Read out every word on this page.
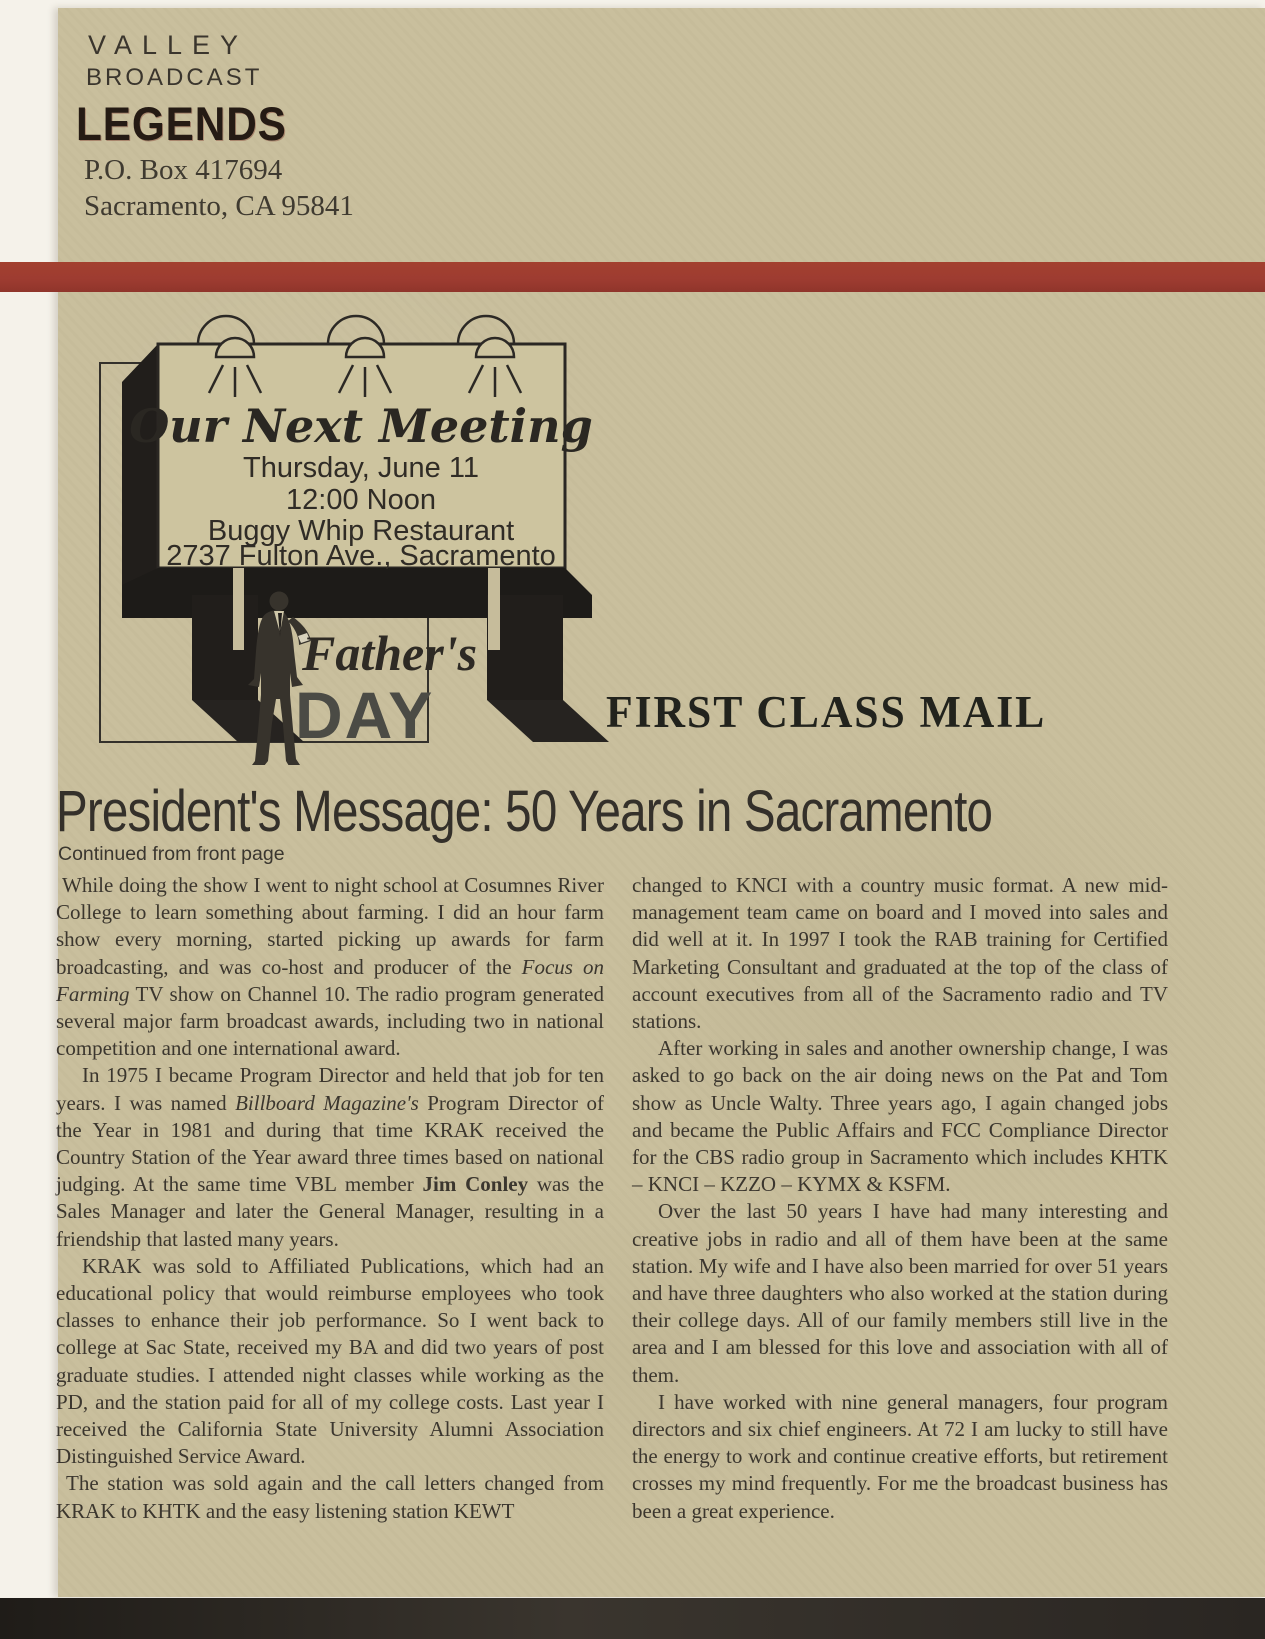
VALLEY
BROADCAST
LEGENDS
P.O. Box 417694
Sacramento, CA 95841
Our Next Meeting
Thursday, June 11
12:00 Noon
Buggy Whip Restaurant
2737 Fulton Ave., Sacramento
Father's
DAY	FIRST CLASS MAIL
President's Message: 50 Years in Sacramento
Continued from front page

While doing the show I went to night school at Cosumnes River College to learn something about farming. I did an hour farm show every morning, started picking up awards for farm broadcasting, and was co-host and producer of the Focus on Farming TV show on Channel 10. The radio program generated several major farm broadcast awards, including two in national competition and one international award.

In 1975 I became Program Director and held that job for ten years. I was named Billboard Magazine's Program Director of the Year in 1981 and during that time KRAK received the Country Station of the Year award three times based on national judging. At the same time VBL member Jim Conley was the Sales Manager and later the General Manager, resulting in a friendship that lasted many years.

KRAK was sold to Affiliated Publications, which had an educational policy that would reimburse employees who took classes to enhance their job performance. So I went back to college at Sac State, received my BA and did two years of post graduate studies. I attended night classes while working as the PD, and the station paid for all of my college costs. Last year I received the California State University Alumni Association Distinguished Service Award.

The station was sold again and the call letters changed from KRAK to KHTK and the easy listening station KEWT

changed to KNCI with a country music format. A new mid-management team came on board and I moved into sales and did well at it. In 1997 I took the RAB training for Certified Marketing Consultant and graduated at the top of the class of account executives from all of the Sacramento radio and TV stations.

After working in sales and another ownership change, I was asked to go back on the air doing news on the Pat and Tom show as Uncle Walty. Three years ago, I again changed jobs and became the Public Affairs and FCC Compliance Director for the CBS radio group in Sacramento which includes KHTK – KNCI – KZZO – KYMX & KSFM.

Over the last 50 years I have had many interesting and creative jobs in radio and all of them have been at the same station. My wife and I have also been married for over 51 years and have three daughters who also worked at the station during their college days. All of our family members still live in the area and I am blessed for this love and association with all of them.

I have worked with nine general managers, four program directors and six chief engineers. At 72 I am lucky to still have the energy to work and continue creative efforts, but retirement crosses my mind frequently. For me the broadcast business has been a great experience.
